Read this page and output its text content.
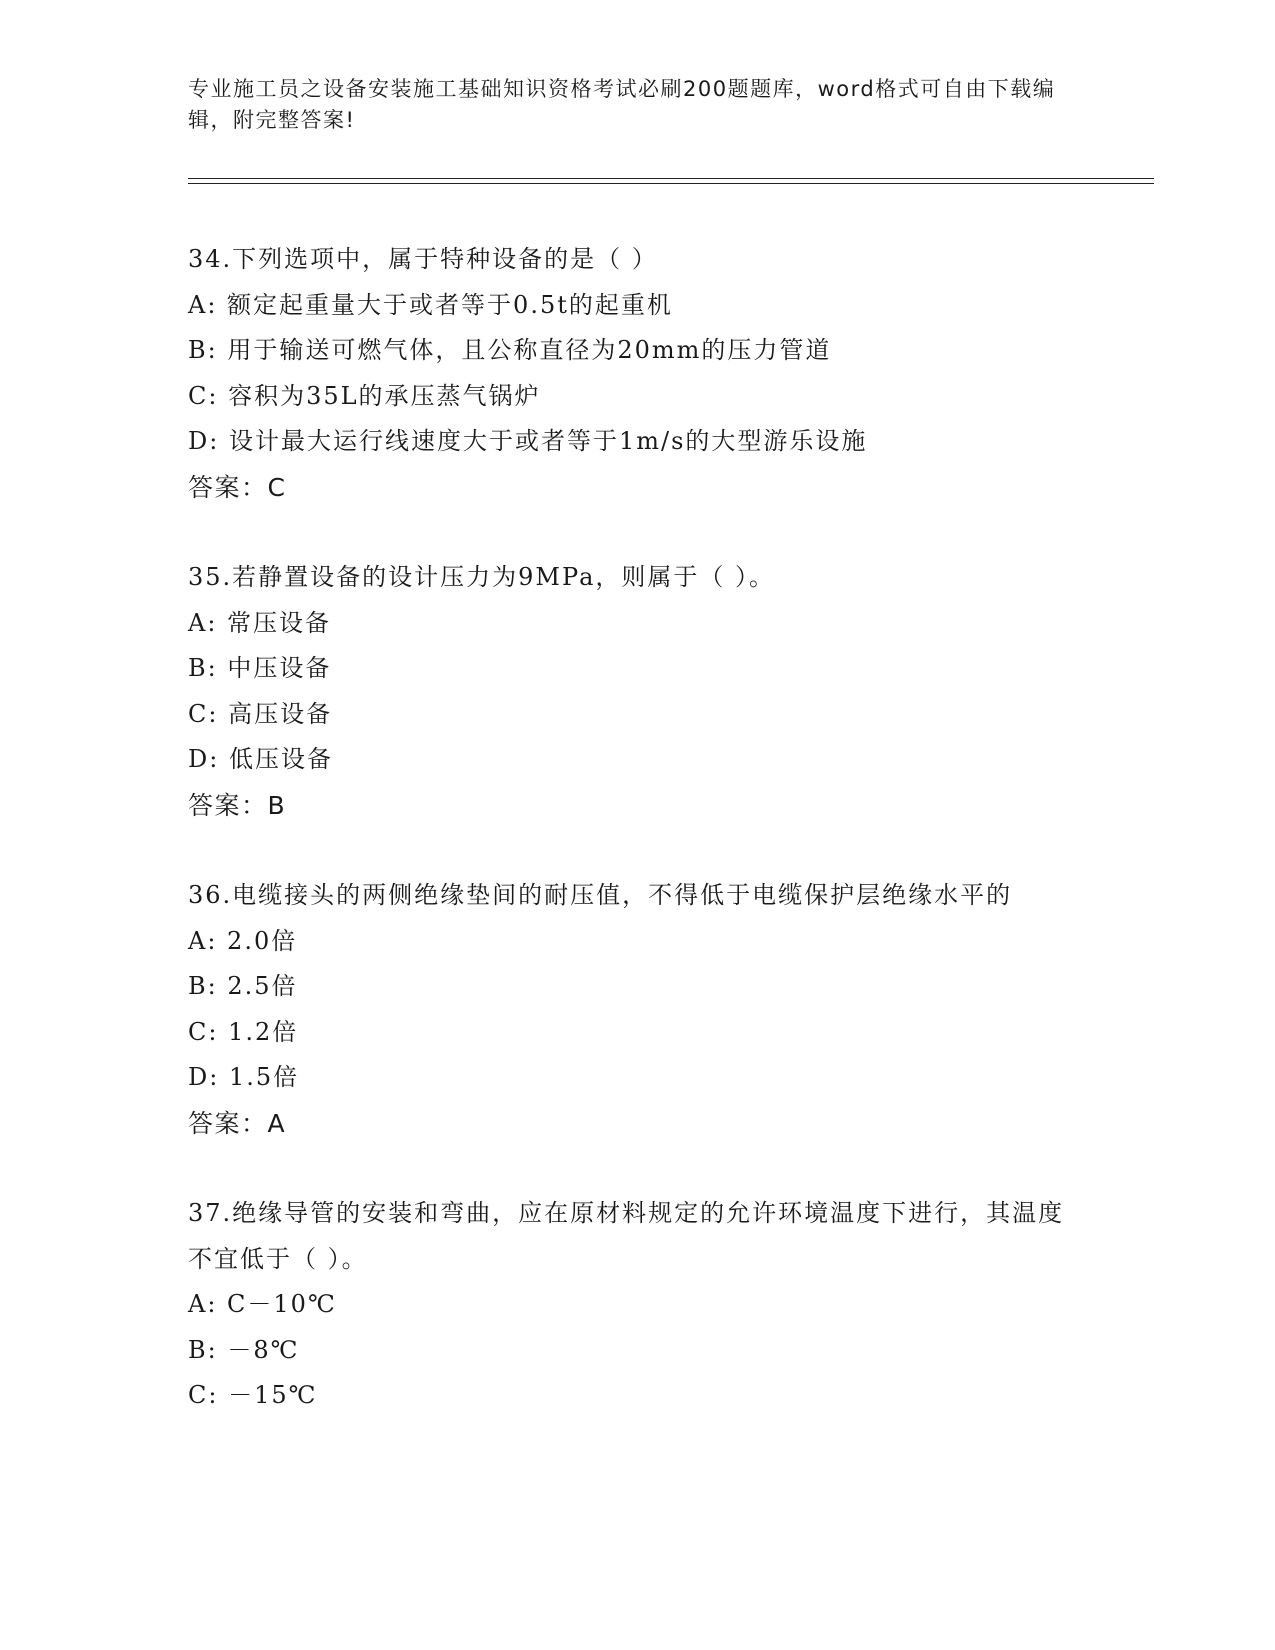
专业施工员之设备安装施工基础知识资格考试必刷200题题库，word格式可自由下载编辑，附完整答案!

34.下列选项中，属于特种设备的是（ ）
A: 额定起重量大于或者等于0.5t的起重机
B: 用于输送可燃气体，且公称直径为20mm的压力管道
C: 容积为35L的承压蒸气锅炉
D: 设计最大运行线速度大于或者等于1m/s的大型游乐设施
答案：C
35.若静置设备的设计压力为9MPa，则属于（ ）。
A: 常压设备
B: 中压设备
C: 高压设备
D: 低压设备
答案：B
36.电缆接头的两侧绝缘垫间的耐压值，不得低于电缆保护层绝缘水平的
A: 2.0倍
B: 2.5倍
C: 1.2倍
D: 1.5倍
答案：A
37.绝缘导管的安装和弯曲，应在原材料规定的允许环境温度下进行，其温度不宜低于（ ）。
A: C－10℃
B: －8℃
C: －15℃
